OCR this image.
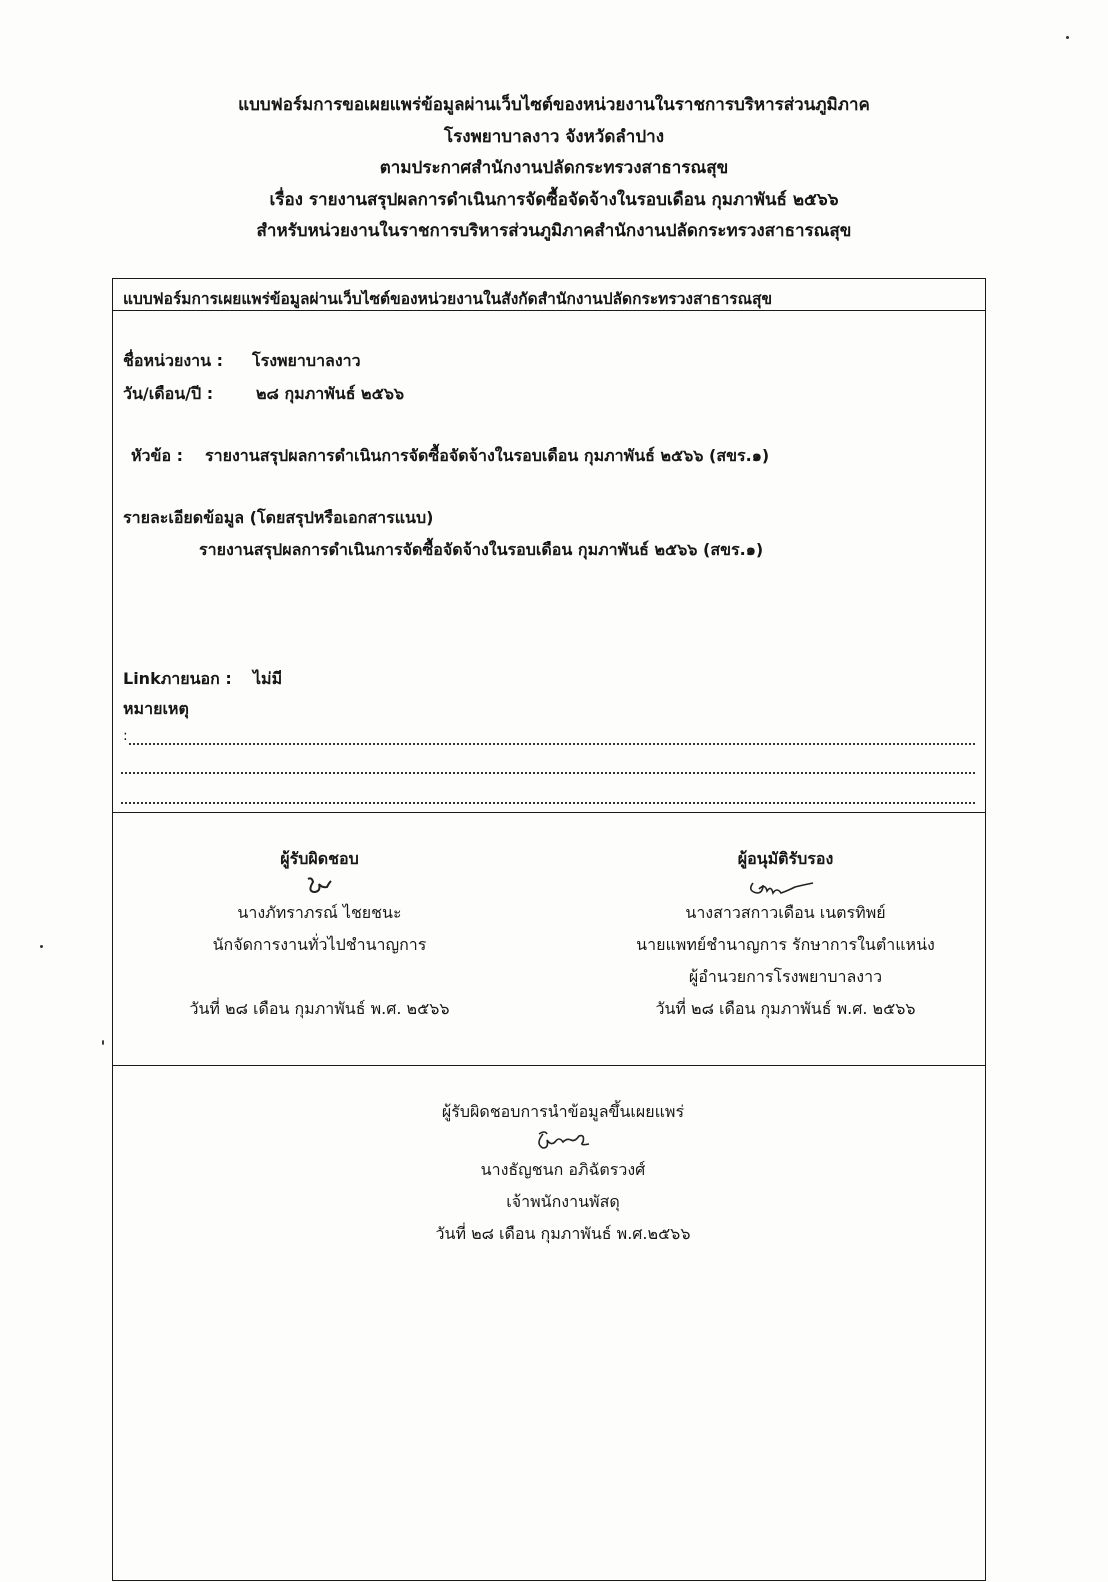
แบบฟอร์มการขอเผยแพร่ข้อมูลผ่านเว็บไซต์ของหน่วยงานในราชการบริหารส่วนภูมิภาค
โรงพยาบาลงาว จังหวัดลำปาง
ตามประกาศสำนักงานปลัดกระทรวงสาธารณสุข
เรื่อง รายงานสรุปผลการดำเนินการจัดซื้อจัดจ้างในรอบเดือน กุมภาพันธ์ ๒๕๖๖
สำหรับหน่วยงานในราชการบริหารส่วนภูมิภาคสำนักงานปลัดกระทรวงสาธารณสุข
แบบฟอร์มการเผยแพร่ข้อมูลผ่านเว็บไซต์ของหน่วยงานในสังกัดสำนักงานปลัดกระทรวงสาธารณสุข
ชื่อหน่วยงาน : โรงพยาบาลงาว
วัน/เดือน/ปี :	๒๘ กุมภาพันธ์ ๒๕๖๖
หัวข้อ : รายงานสรุปผลการดำเนินการจัดซื้อจัดจ้างในรอบเดือน กุมภาพันธ์ ๒๕๖๖ (สขร.๑)
รายละเอียดข้อมูล (โดยสรุปหรือเอกสารแนบ)
รายงานสรุปผลการดำเนินการจัดซื้อจัดจ้างในรอบเดือน กุมภาพันธ์ ๒๕๖๖ (สขร.๑)
Linkภายนอก : ไม่มี
หมายเหตุ
:
ผู้รับผิดชอบ
นางภัทราภรณ์ ไชยชนะ
นักจัดการงานทั่วไปชำนาญการ
วันที่ ๒๘ เดือน กุมภาพันธ์ พ.ศ. ๒๕๖๖
ผู้อนุมัติรับรอง
นางสาวสกาวเดือน เนตรทิพย์
นายแพทย์ชำนาญการ รักษาการในตำแหน่ง
ผู้อำนวยการโรงพยาบาลงาว
วันที่ ๒๘ เดือน กุมภาพันธ์ พ.ศ. ๒๕๖๖
ผู้รับผิดชอบการนำข้อมูลขึ้นเผยแพร่
นางธัญชนก อภิฉัตรวงศ์
เจ้าพนักงานพัสดุ
วันที่ ๒๘ เดือน กุมภาพันธ์ พ.ศ.๒๕๖๖
